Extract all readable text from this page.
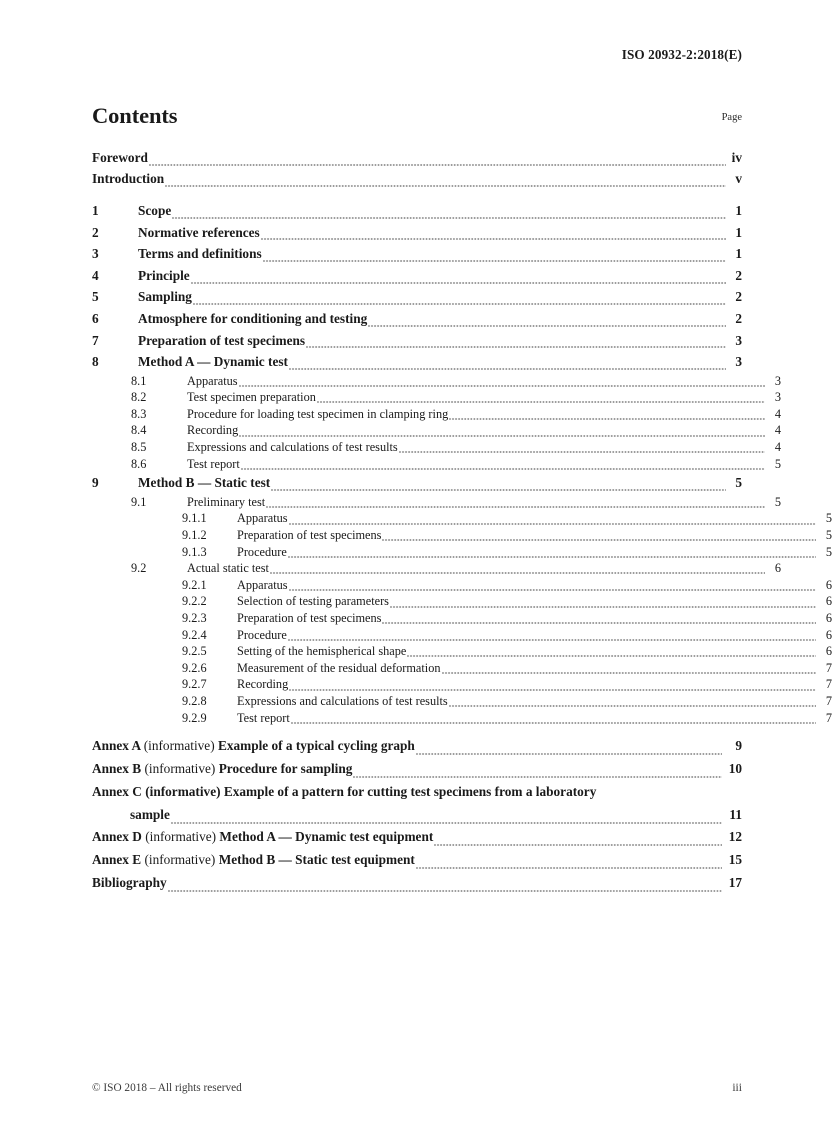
ISO 20932-2:2018(E)
Contents	Page
Foreword	iv
Introduction	v
1	Scope	1
2	Normative references	1
3	Terms and definitions	1
4	Principle	2
5	Sampling	2
6	Atmosphere for conditioning and testing	2
7	Preparation of test specimens	3
8	Method A — Dynamic test	3
8.1	Apparatus	3
8.2	Test specimen preparation	3
8.3	Procedure for loading test specimen in clamping ring	4
8.4	Recording	4
8.5	Expressions and calculations of test results	4
8.6	Test report	5
9	Method B — Static test	5
9.1	Preliminary test	5
9.1.1	Apparatus	5
9.1.2	Preparation of test specimens	5
9.1.3	Procedure	5
9.2	Actual static test	6
9.2.1	Apparatus	6
9.2.2	Selection of testing parameters	6
9.2.3	Preparation of test specimens	6
9.2.4	Procedure	6
9.2.5	Setting of the hemispherical shape	6
9.2.6	Measurement of the residual deformation	7
9.2.7	Recording	7
9.2.8	Expressions and calculations of test results	7
9.2.9	Test report	7
Annex A (informative) Example of a typical cycling graph	9
Annex B (informative) Procedure for sampling	10
Annex C (informative) Example of a pattern for cutting test specimens from a laboratory
sample	11
Annex D (informative) Method A — Dynamic test equipment	12
Annex E (informative) Method B — Static test equipment	15
Bibliography	17
© ISO 2018 – All rights reserved	iii
